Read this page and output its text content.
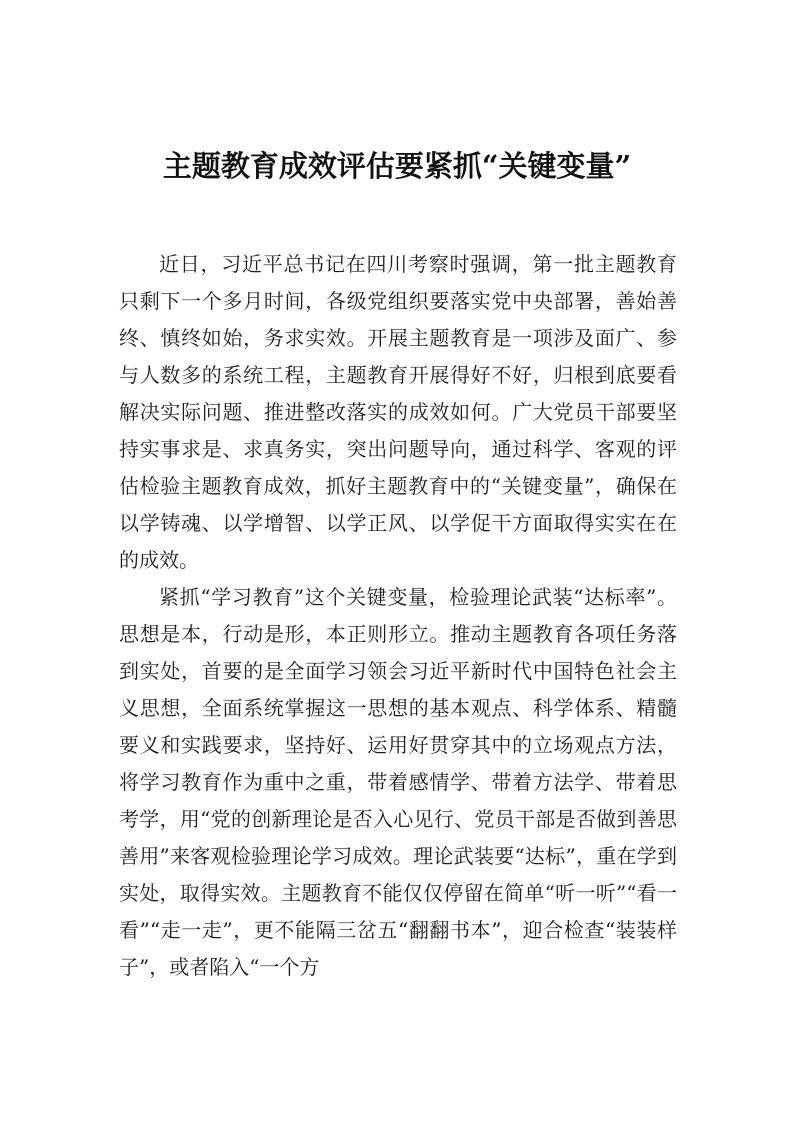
主题教育成效评估要紧抓“关键变量”

近日，习近平总书记在四川考察时强调，第一批主题教育只剩下一个多月时间，各级党组织要落实党中央部署，善始善终、慎终如始，务求实效。开展主题教育是一项涉及面广、参与人数多的系统工程，主题教育开展得好不好，归根到底要看解决实际问题、推进整改落实的成效如何。广大党员干部要坚持实事求是、求真务实，突出问题导向，通过科学、客观的评估检验主题教育成效，抓好主题教育中的“关键变量”，确保在以学铸魂、以学增智、以学正风、以学促干方面取得实实在在的成效。

紧抓“学习教育”这个关键变量，检验理论武装“达标率”。思想是本，行动是形，本正则形立。推动主题教育各项任务落到实处，首要的是全面学习领会习近平新时代中国特色社会主义思想，全面系统掌握这一思想的基本观点、科学体系、精髓要义和实践要求，坚持好、运用好贯穿其中的立场观点方法，将学习教育作为重中之重，带着感情学、带着方法学、带着思考学，用“党的创新理论是否入心见行、党员干部是否做到善思善用”来客观检验理论学习成效。理论武装要“达标”，重在学到实处，取得实效。主题教育不能仅仅停留在简单“听一听”“看一看”“走一走”，更不能隔三岔五“翻翻书本”，迎合检查“装装样子”，或者陷入“一个方
